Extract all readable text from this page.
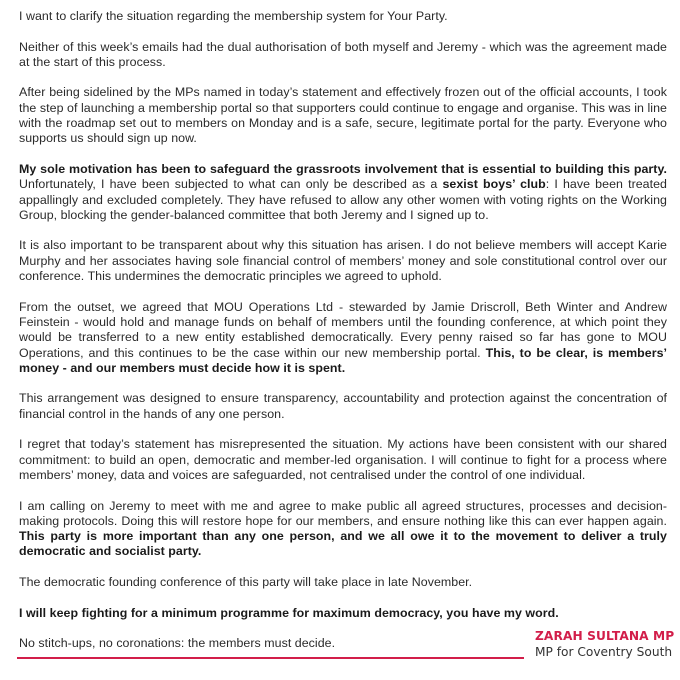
I want to clarify the situation regarding the membership system for Your Party.

Neither of this week’s emails had the dual authorisation of both myself and Jeremy - which was the agreement made at the start of this process.

After being sidelined by the MPs named in today’s statement and effectively frozen out of the official accounts, I took the step of launching a membership portal so that supporters could continue to engage and organise. This was in line with the roadmap set out to members on Monday and is a safe, secure, legitimate portal for the party. Everyone who supports us should sign up now.

My sole motivation has been to safeguard the grassroots involvement that is essential to building this party. Unfortunately, I have been subjected to what can only be described as a sexist boys’ club: I have been treated appallingly and excluded completely. They have refused to allow any other women with voting rights on the Working Group, blocking the gender-balanced committee that both Jeremy and I signed up to.

It is also important to be transparent about why this situation has arisen. I do not believe members will accept Karie Murphy and her associates having sole financial control of members’ money and sole constitutional control over our conference. This undermines the democratic principles we agreed to uphold.

From the outset, we agreed that MOU Operations Ltd - stewarded by Jamie Driscroll, Beth Winter and Andrew Feinstein - would hold and manage funds on behalf of members until the founding conference, at which point they would be transferred to a new entity established democratically. Every penny raised so far has gone to MOU Operations, and this continues to be the case within our new membership portal. This, to be clear, is members’ money - and our members must decide how it is spent.

This arrangement was designed to ensure transparency, accountability and protection against the concentration of financial control in the hands of any one person.

I regret that today’s statement has misrepresented the situation. My actions have been consistent with our shared commitment: to build an open, democratic and member-led organisation. I will continue to fight for a process where members’ money, data and voices are safeguarded, not centralised under the control of one individual.

I am calling on Jeremy to meet with me and agree to make public all agreed structures, processes and decision-making protocols. Doing this will restore hope for our members, and ensure nothing like this can ever happen again. This party is more important than any one person, and we all owe it to the movement to deliver a truly democratic and socialist party.

The democratic founding conference of this party will take place in late November.

I will keep fighting for a minimum programme for maximum democracy, you have my word.

No stitch-ups, no coronations: the members must decide.

ZARAH SULTANA MP
MP for Coventry South
